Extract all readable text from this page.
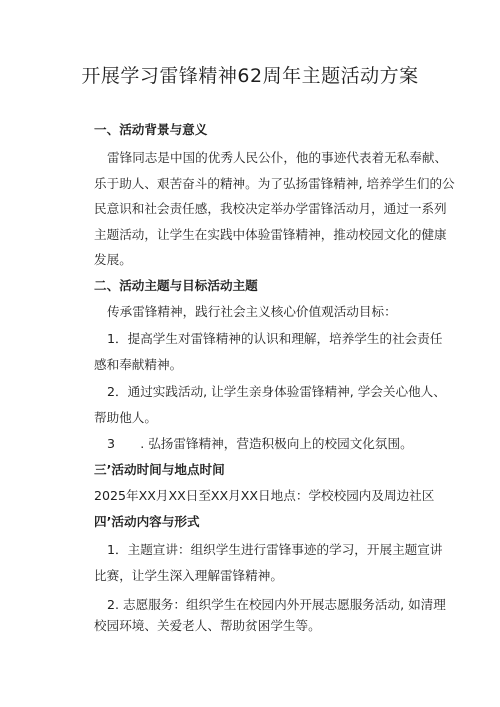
开展学习雷锋精神62周年主题活动方案
一、活动背景与意义
雷锋同志是中国的优秀人民公仆，他的事迹代表着无私奉献、
乐于助人、艰苦奋斗的精神。为了弘扬雷锋精神, 培养学生们的公
民意识和社会责任感，我校决定举办学雷锋活动月，通过一系列
主题活动，让学生在实践中体验雷锋精神，推动校园文化的健康
发展。
二、活动主题与目标活动主题
传承雷锋精神，践行社会主义核心价值观活动目标：
1．提高学生对雷锋精神的认识和理解，培养学生的社会责任
感和奉献精神。
2．通过实践活动, 让学生亲身体验雷锋精神, 学会关心他人、
帮助他人。
3　　. 弘扬雷锋精神，营造积极向上的校园文化氛围。
三’活动时间与地点时间
2025年XX月XX日至XX月XX日地点：学校校园内及周边社区
四’活动内容与形式
1．主题宣讲：组织学生进行雷锋事迹的学习，开展主题宣讲
比赛，让学生深入理解雷锋精神。
2. 志愿服务：组织学生在校园内外开展志愿服务活动, 如清理
校园环境、关爱老人、帮助贫困学生等。
